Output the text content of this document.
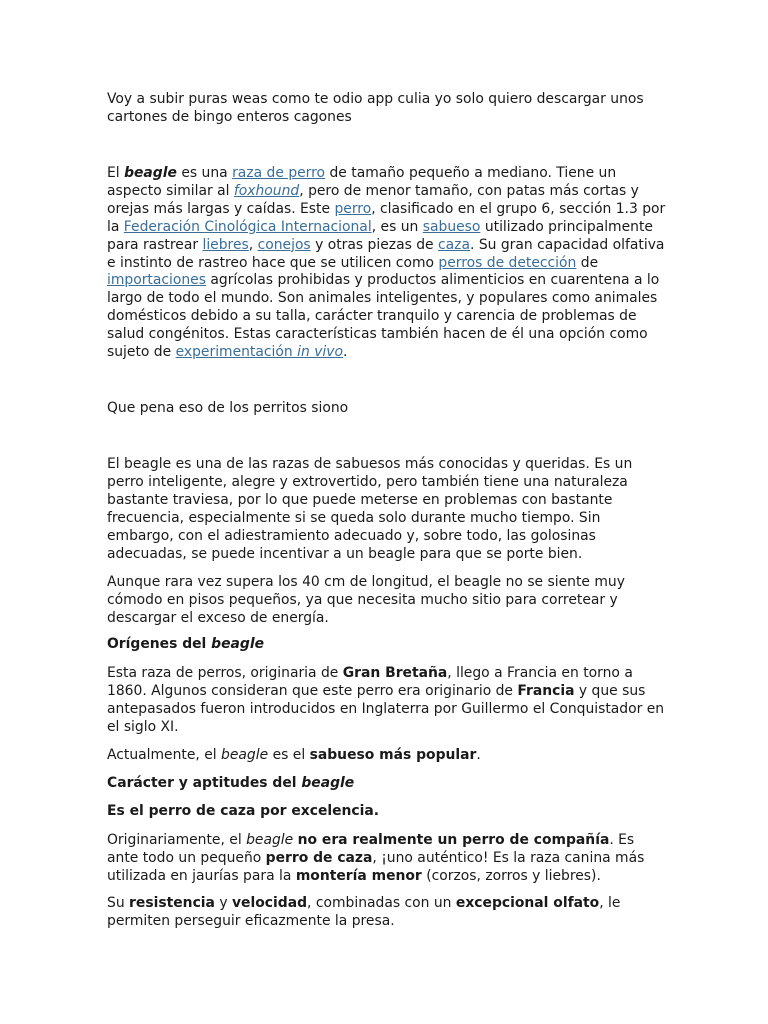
Voy a subir puras weas como te odio app culia yo solo quiero descargar unos cartones de bingo enteros cagones

El beagle es una raza de perro de tamaño pequeño a mediano. Tiene un aspecto similar al foxhound, pero de menor tamaño, con patas más cortas y orejas más largas y caídas. Este perro, clasificado en el grupo 6, sección 1.3 por la Federación Cinológica Internacional, es un sabueso utilizado principalmente para rastrear liebres, conejos y otras piezas de caza. Su gran capacidad olfativa e instinto de rastreo hace que se utilicen como perros de detección de importaciones agrícolas prohibidas y productos alimenticios en cuarentena a lo largo de todo el mundo. Son animales inteligentes, y populares como animales domésticos debido a su talla, carácter tranquilo y carencia de problemas de salud congénitos. Estas características también hacen de él una opción como sujeto de experimentación in vivo.

Que pena eso de los perritos siono

El beagle es una de las razas de sabuesos más conocidas y queridas. Es un perro inteligente, alegre y extrovertido, pero también tiene una naturaleza bastante traviesa, por lo que puede meterse en problemas con bastante frecuencia, especialmente si se queda solo durante mucho tiempo. Sin embargo, con el adiestramiento adecuado y, sobre todo, las golosinas adecuadas, se puede incentivar a un beagle para que se porte bien.

Aunque rara vez supera los 40 cm de longitud, el beagle no se siente muy cómodo en pisos pequeños, ya que necesita mucho sitio para corretear y descargar el exceso de energía.

Orígenes del beagle

Esta raza de perros, originaria de Gran Bretaña, llego a Francia en torno a 1860. Algunos consideran que este perro era originario de Francia y que sus antepasados fueron introducidos en Inglaterra por Guillermo el Conquistador en el siglo XI.

Actualmente, el beagle es el sabueso más popular.

Carácter y aptitudes del beagle

Es el perro de caza por excelencia.

Originariamente, el beagle no era realmente un perro de compañía. Es ante todo un pequeño perro de caza, ¡uno auténtico! Es la raza canina más utilizada en jaurías para la montería menor (corzos, zorros y liebres).

Su resistencia y velocidad, combinadas con un excepcional olfato, le permiten perseguir eficazmente la presa.
